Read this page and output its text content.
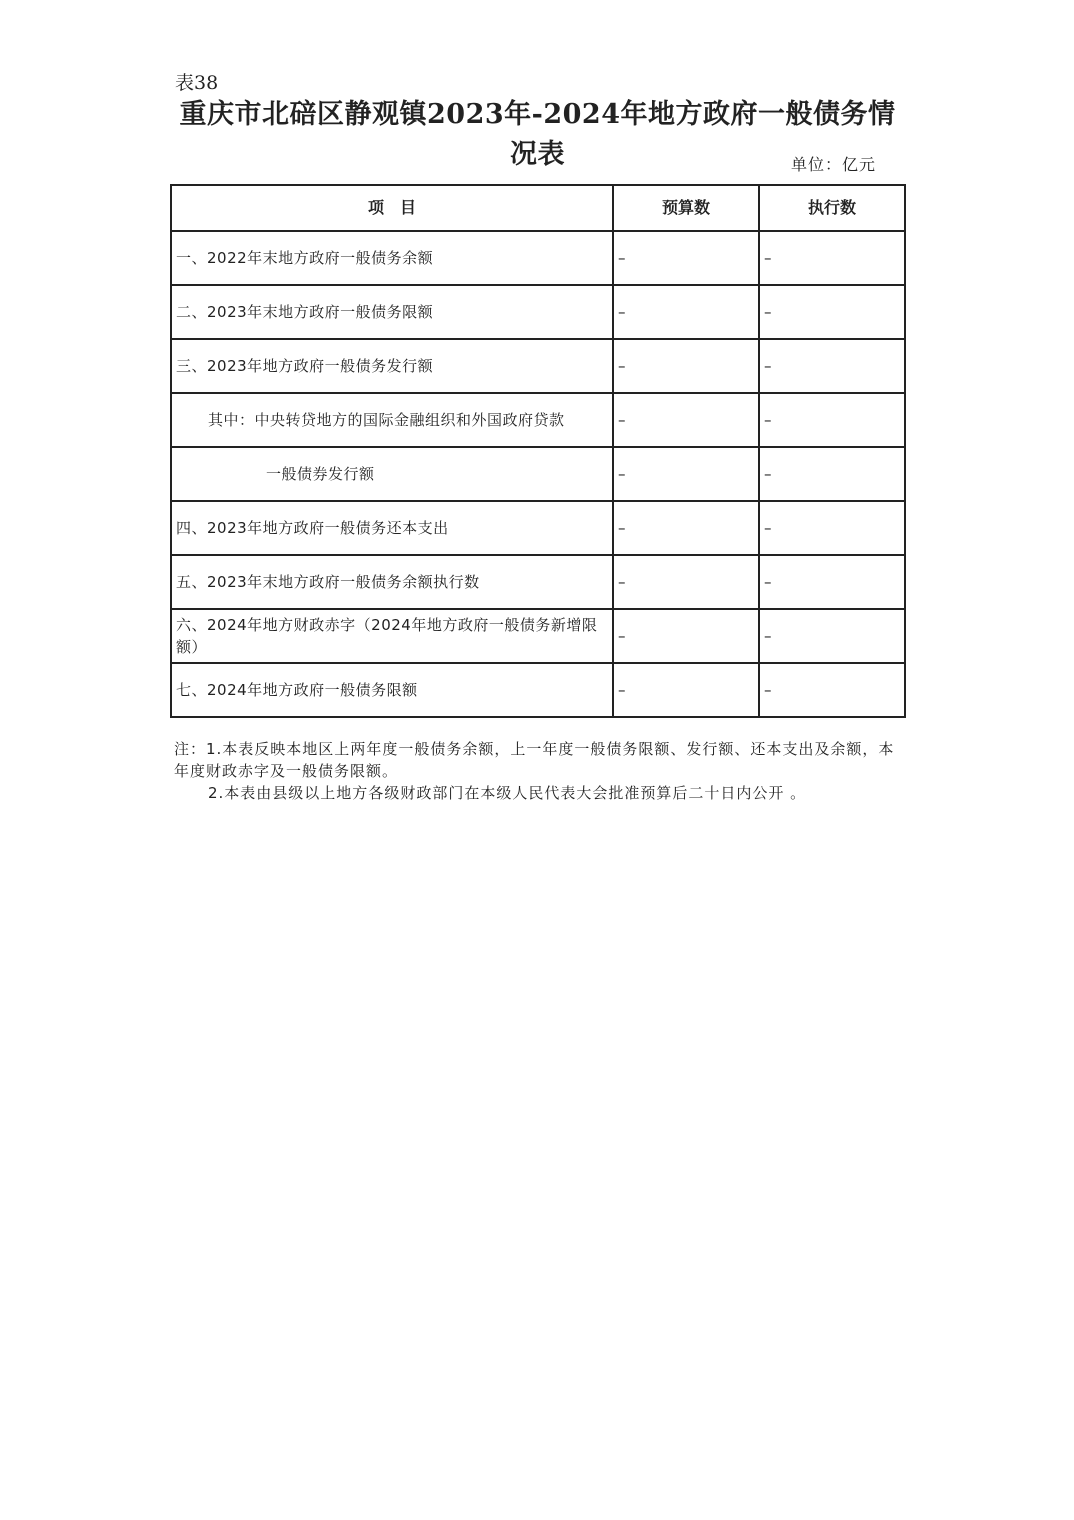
表38
重庆市北碚区静观镇2023年-2024年地方政府一般债务情况表	单位：亿元
项　目	预算数	执行数
一、2022年末地方政府一般债务余额	–	–
二、2023年末地方政府一般债务限额	–	–
三、2023年地方政府一般债务发行额	–	–
其中：中央转贷地方的国际金融组织和外国政府贷款	–	–
一般债券发行额	–	–
四、2023年地方政府一般债务还本支出	–	–
五、2023年末地方政府一般债务余额执行数	–	–
六、2024年地方财政赤字（2024年地方政府一般债务新增限额）	–	–
七、2024年地方政府一般债务限额	–	–

注：1.本表反映本地区上两年度一般债务余额，上一年度一般债务限额、发行额、还本支出及余额，本年度财政赤字及一般债务限额。

2.本表由县级以上地方各级财政部门在本级人民代表大会批准预算后二十日内公开 。
